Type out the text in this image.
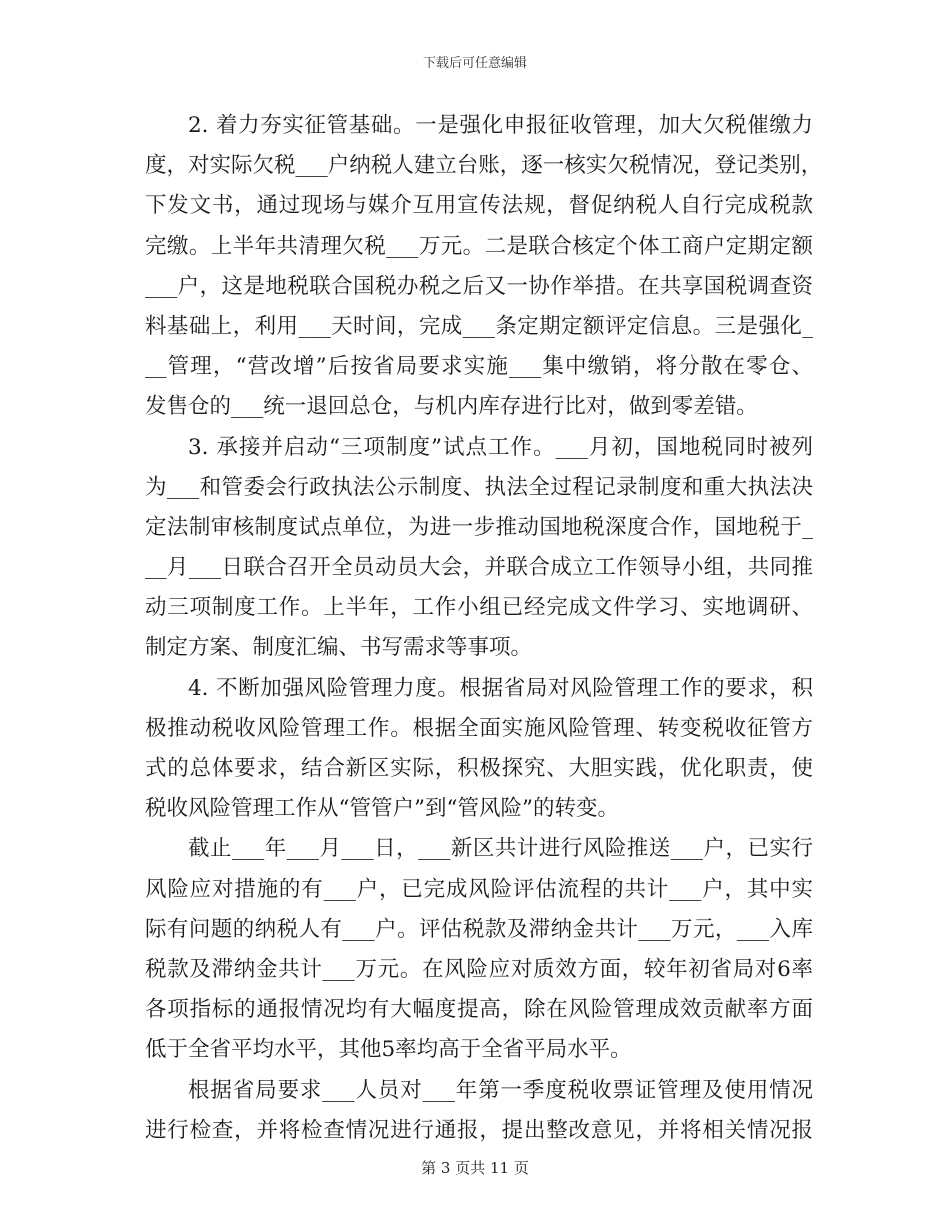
下载后可任意编辑
2. 着力夯实征管基础。一是强化申报征收管理，加大欠税催缴力
度，对实际欠税___户纳税人建立台账，逐一核实欠税情况，登记类别，
下发文书，通过现场与媒介互用宣传法规，督促纳税人自行完成税款
完缴。上半年共清理欠税___万元。二是联合核定个体工商户定期定额
___户，这是地税联合国税办税之后又一协作举措。在共享国税调查资
料基础上，利用___天时间，完成___条定期定额评定信息。三是强化_
__管理，“营改增”后按省局要求实施___集中缴销，将分散在零仓、
发售仓的___统一退回总仓，与机内库存进行比对，做到零差错。
3. 承接并启动“三项制度”试点工作。___月初，国地税同时被列
为___和管委会行政执法公示制度、执法全过程记录制度和重大执法决
定法制审核制度试点单位，为进一步推动国地税深度合作，国地税于_
__月___日联合召开全员动员大会，并联合成立工作领导小组，共同推
动三项制度工作。上半年，工作小组已经完成文件学习、实地调研、
制定方案、制度汇编、书写需求等事项。
4. 不断加强风险管理力度。根据省局对风险管理工作的要求，积
极推动税收风险管理工作。根据全面实施风险管理、转变税收征管方
式的总体要求，结合新区实际，积极探究、大胆实践，优化职责，使
税收风险管理工作从“管管户”到“管风险”的转变。
截止___年___月___日，___新区共计进行风险推送___户，已实行
风险应对措施的有___户，已完成风险评估流程的共计___户，其中实
际有问题的纳税人有___户。评估税款及滞纳金共计___万元，___入库
税款及滞纳金共计___万元。在风险应对质效方面，较年初省局对6率
各项指标的通报情况均有大幅度提高，除在风险管理成效贡献率方面
低于全省平均水平，其他5率均高于全省平局水平。
根据省局要求___人员对___年第一季度税收票证管理及使用情况
进行检查，并将检查情况进行通报，提出整改意见，并将相关情况报
第 3 页共 11 页
